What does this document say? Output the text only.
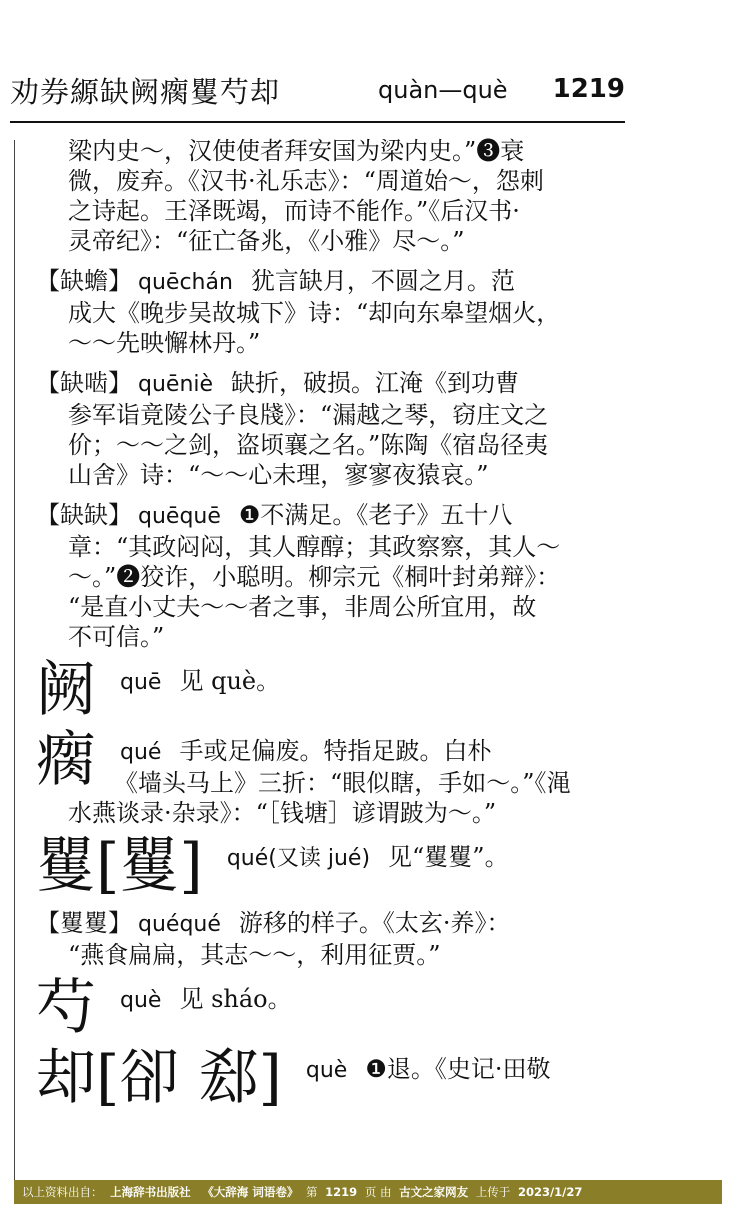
劝券縓缺阙瘸矍芍却	quàn—què 1219

梁内史～，汉使使者拜安国为梁内史。”❸衰

微，废弃。《汉书·礼乐志》：“周道始～，怨刺

之诗起。王泽既竭，而诗不能作。”《后汉书·

灵帝纪》：“征亡备兆，《小雅》尽～。”

【缺蟾】 quēchán 犹言缺月，不圆之月。范

成大《晚步吴故城下》诗：“却向东皋望烟火，

～～先映懈林丹。”

【缺啮】 quēniè 缺折，破损。江淹《到功曹

参军诣竟陵公子良牋》：“漏越之琴，窃庄文之

价；～～之剑，盗顷襄之名。”陈陶《宿岛径夷

山舍》诗：“～～心未理，寥寥夜猿哀。”

【缺缺】 quēquē ❶不满足。《老子》五十八

章：“其政闷闷，其人醇醇；其政察察，其人～

～。”❷狡诈，小聪明。柳宗元《桐叶封弟辩》：

“是直小丈夫～～者之事，非周公所宜用，故

不可信。”

阙 quē 见 què。
瘸 qué 手或足偏废。特指足跛。白朴

《墙头马上》三折：“眼似瞎，手如～。”《渑

水燕谈录·杂录》：“［钱塘］谚谓跛为～。”

矍[矍] qué(又读 jué) 见“矍矍”。

【矍矍】 quéqué 游移的样子。《太玄·养》：

“燕食扁扁，其志～～，利用征贾。”

芍 què 见 sháo。
却[卻 郄] què ❶退。《史记·田敬
以上资料出自： 上海辞书出版社 《大辞海 词语卷》 第 1219 页 由 古文之家网友 上传于 2023/1/27
